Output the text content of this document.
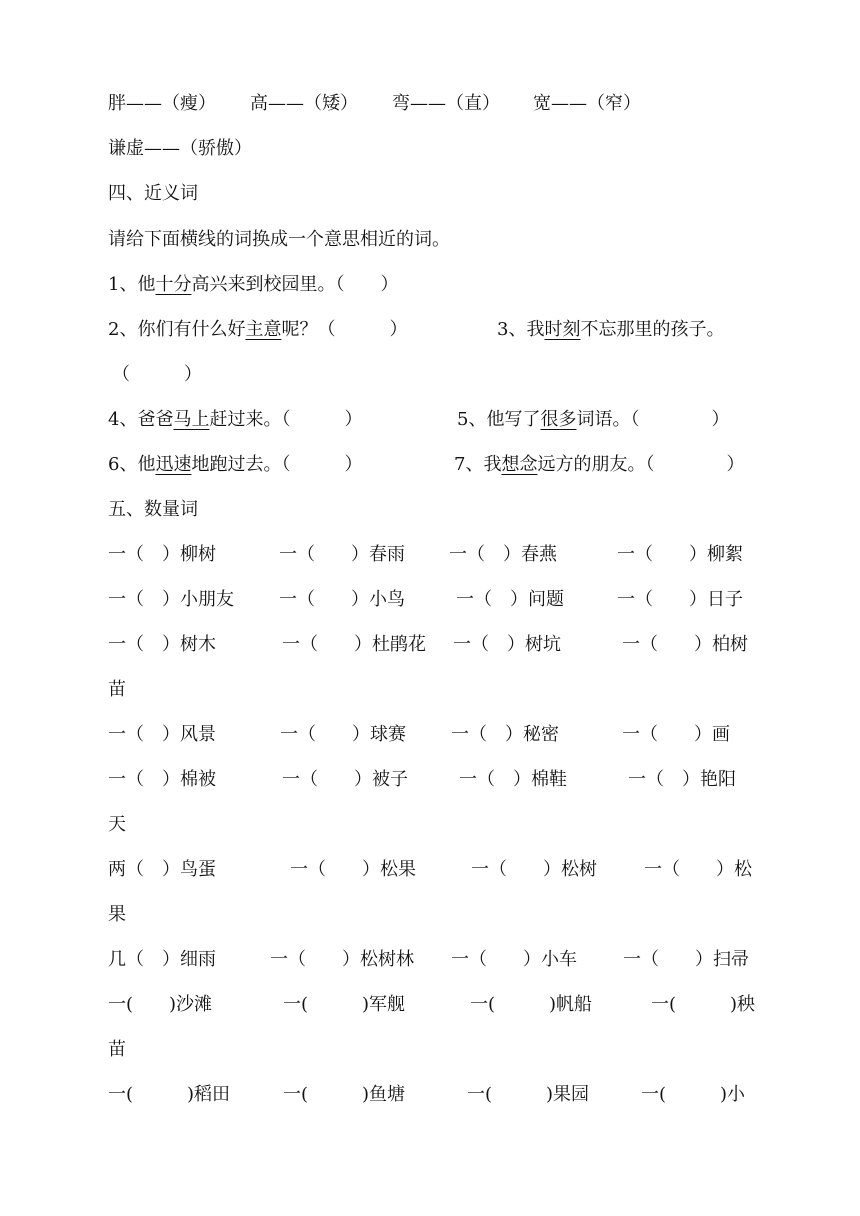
胖——（瘦） 高——（矮） 弯——（直） 宽——（窄）
谦虚——（骄傲）
四、近义词
请给下面横线的词换成一个意思相近的词。
1、他十分高兴来到校园里。（　　）
2、你们有什么好主意呢？（　　　）	3、我时刻不忘那里的孩子。
（　　　）
4、爸爸马上赶过来。（　　　）	5、他写了很多词语。（　　　　）
6、他迅速地跑过去。（　　　）	7、我想念远方的朋友。（　　　　）
五、数量词
一（　）柳树	一（　　）春雨 一（　）春燕	一（　　）柳絮
一（　）小朋友	一（　　）小鸟	一（　）问题	一（　　）日子
一（　）树木	一（　　）杜鹃花 一（　）树坑	一（　　）柏树
苗
一（　）风景	一（　　）球赛	一（　）秘密	一（　　）画
一（　）棉被	一（　　）被子	一（　）棉鞋	一（　）艳阳
天
两（　）鸟蛋	一（　　）松果	一（　　）松树	一（　　）松
果
几（　）细雨	一（　　）松树林 一（　　）小车	一（　　）扫帚
一(　　)沙滩	一(　　　)军舰	一(　　　)帆船	一(　　　)秧
苗
一(　　　)稻田	一(　　　)鱼塘	一(　　　)果园	一(　　　)小
